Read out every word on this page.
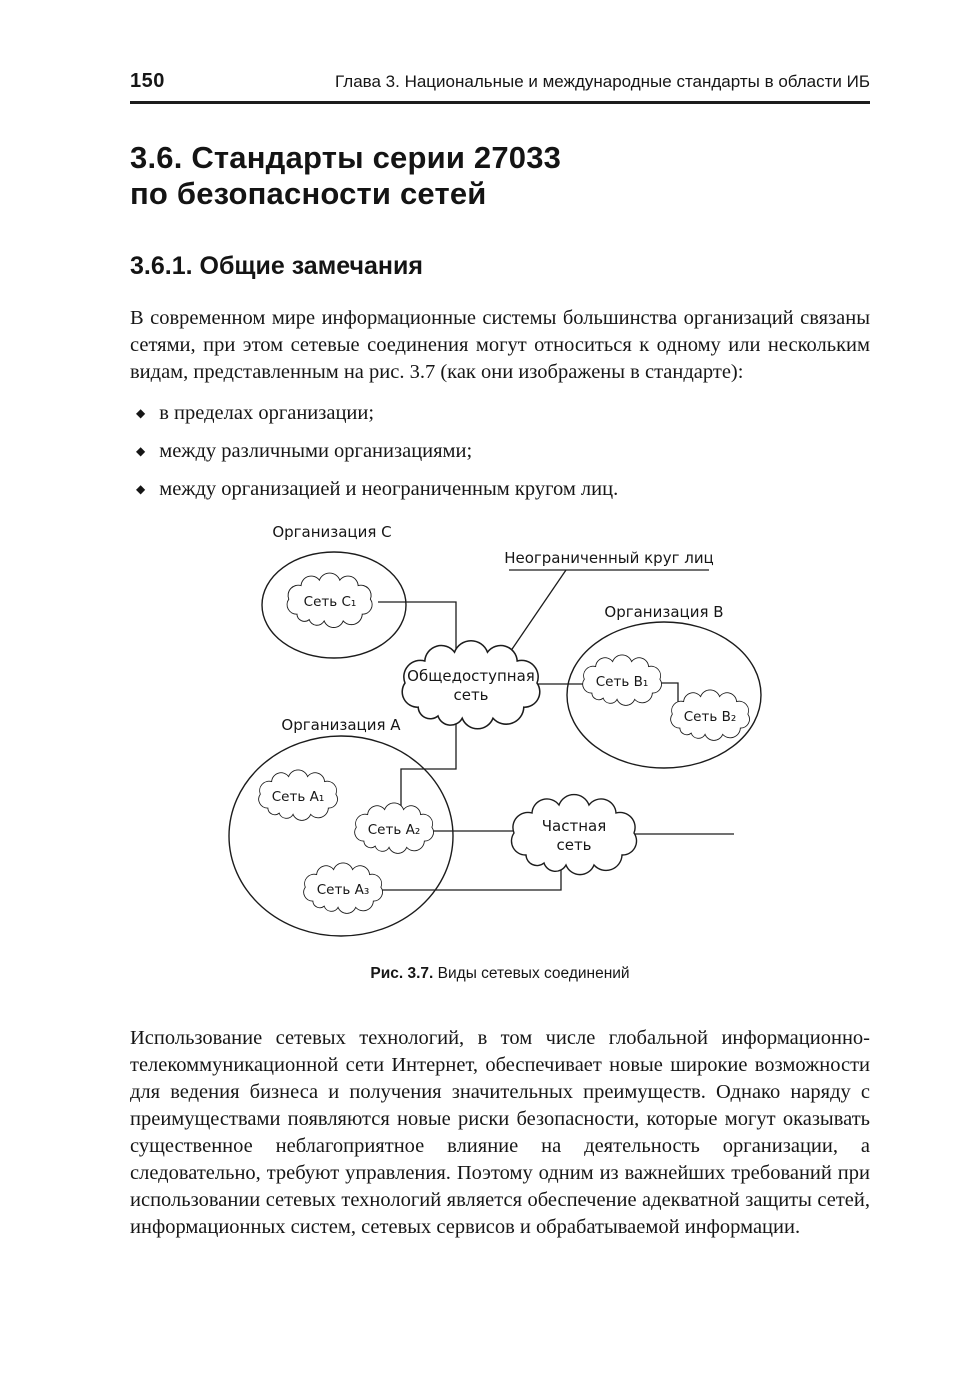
150	Глава 3. Национальные и международные стандарты в области ИБ
3.6. Стандарты серии 27033
по безопасности сетей
3.6.1. Общие замечания

В современном мире информационные системы большинства организаций связаны сетями, при этом сетевые соединения могут относиться к одному или нескольким видам, представленным на рис. 3.7 (как они изображены в стандарте):

◆ в пределах организации;
◆ между различными организациями;
◆ между организацией и неограниченным кругом лиц.
Организация С
Неограниченный круг лиц
Организация В
Организация А
Сеть С₁
Общедоступная
сеть
Сеть В₁
Сеть В₂
Сеть А₁
Сеть А₂
Сеть А₃
Частная
сеть
Рис. 3.7. Виды сетевых соединений

Использование сетевых технологий, в том числе глобальной информационно-телекоммуникационной сети Интернет, обеспечивает новые широкие возможности для ведения бизнеса и получения значительных преимуществ. Однако наряду с преимуществами появляются новые риски безопасности, которые могут оказывать существенное неблагоприятное влияние на деятельность организации, а следовательно, требуют управления. Поэтому одним из важнейших требований при использовании сетевых технологий является обеспечение адекватной защиты сетей, информационных систем, сетевых сервисов и обрабатываемой информации.
